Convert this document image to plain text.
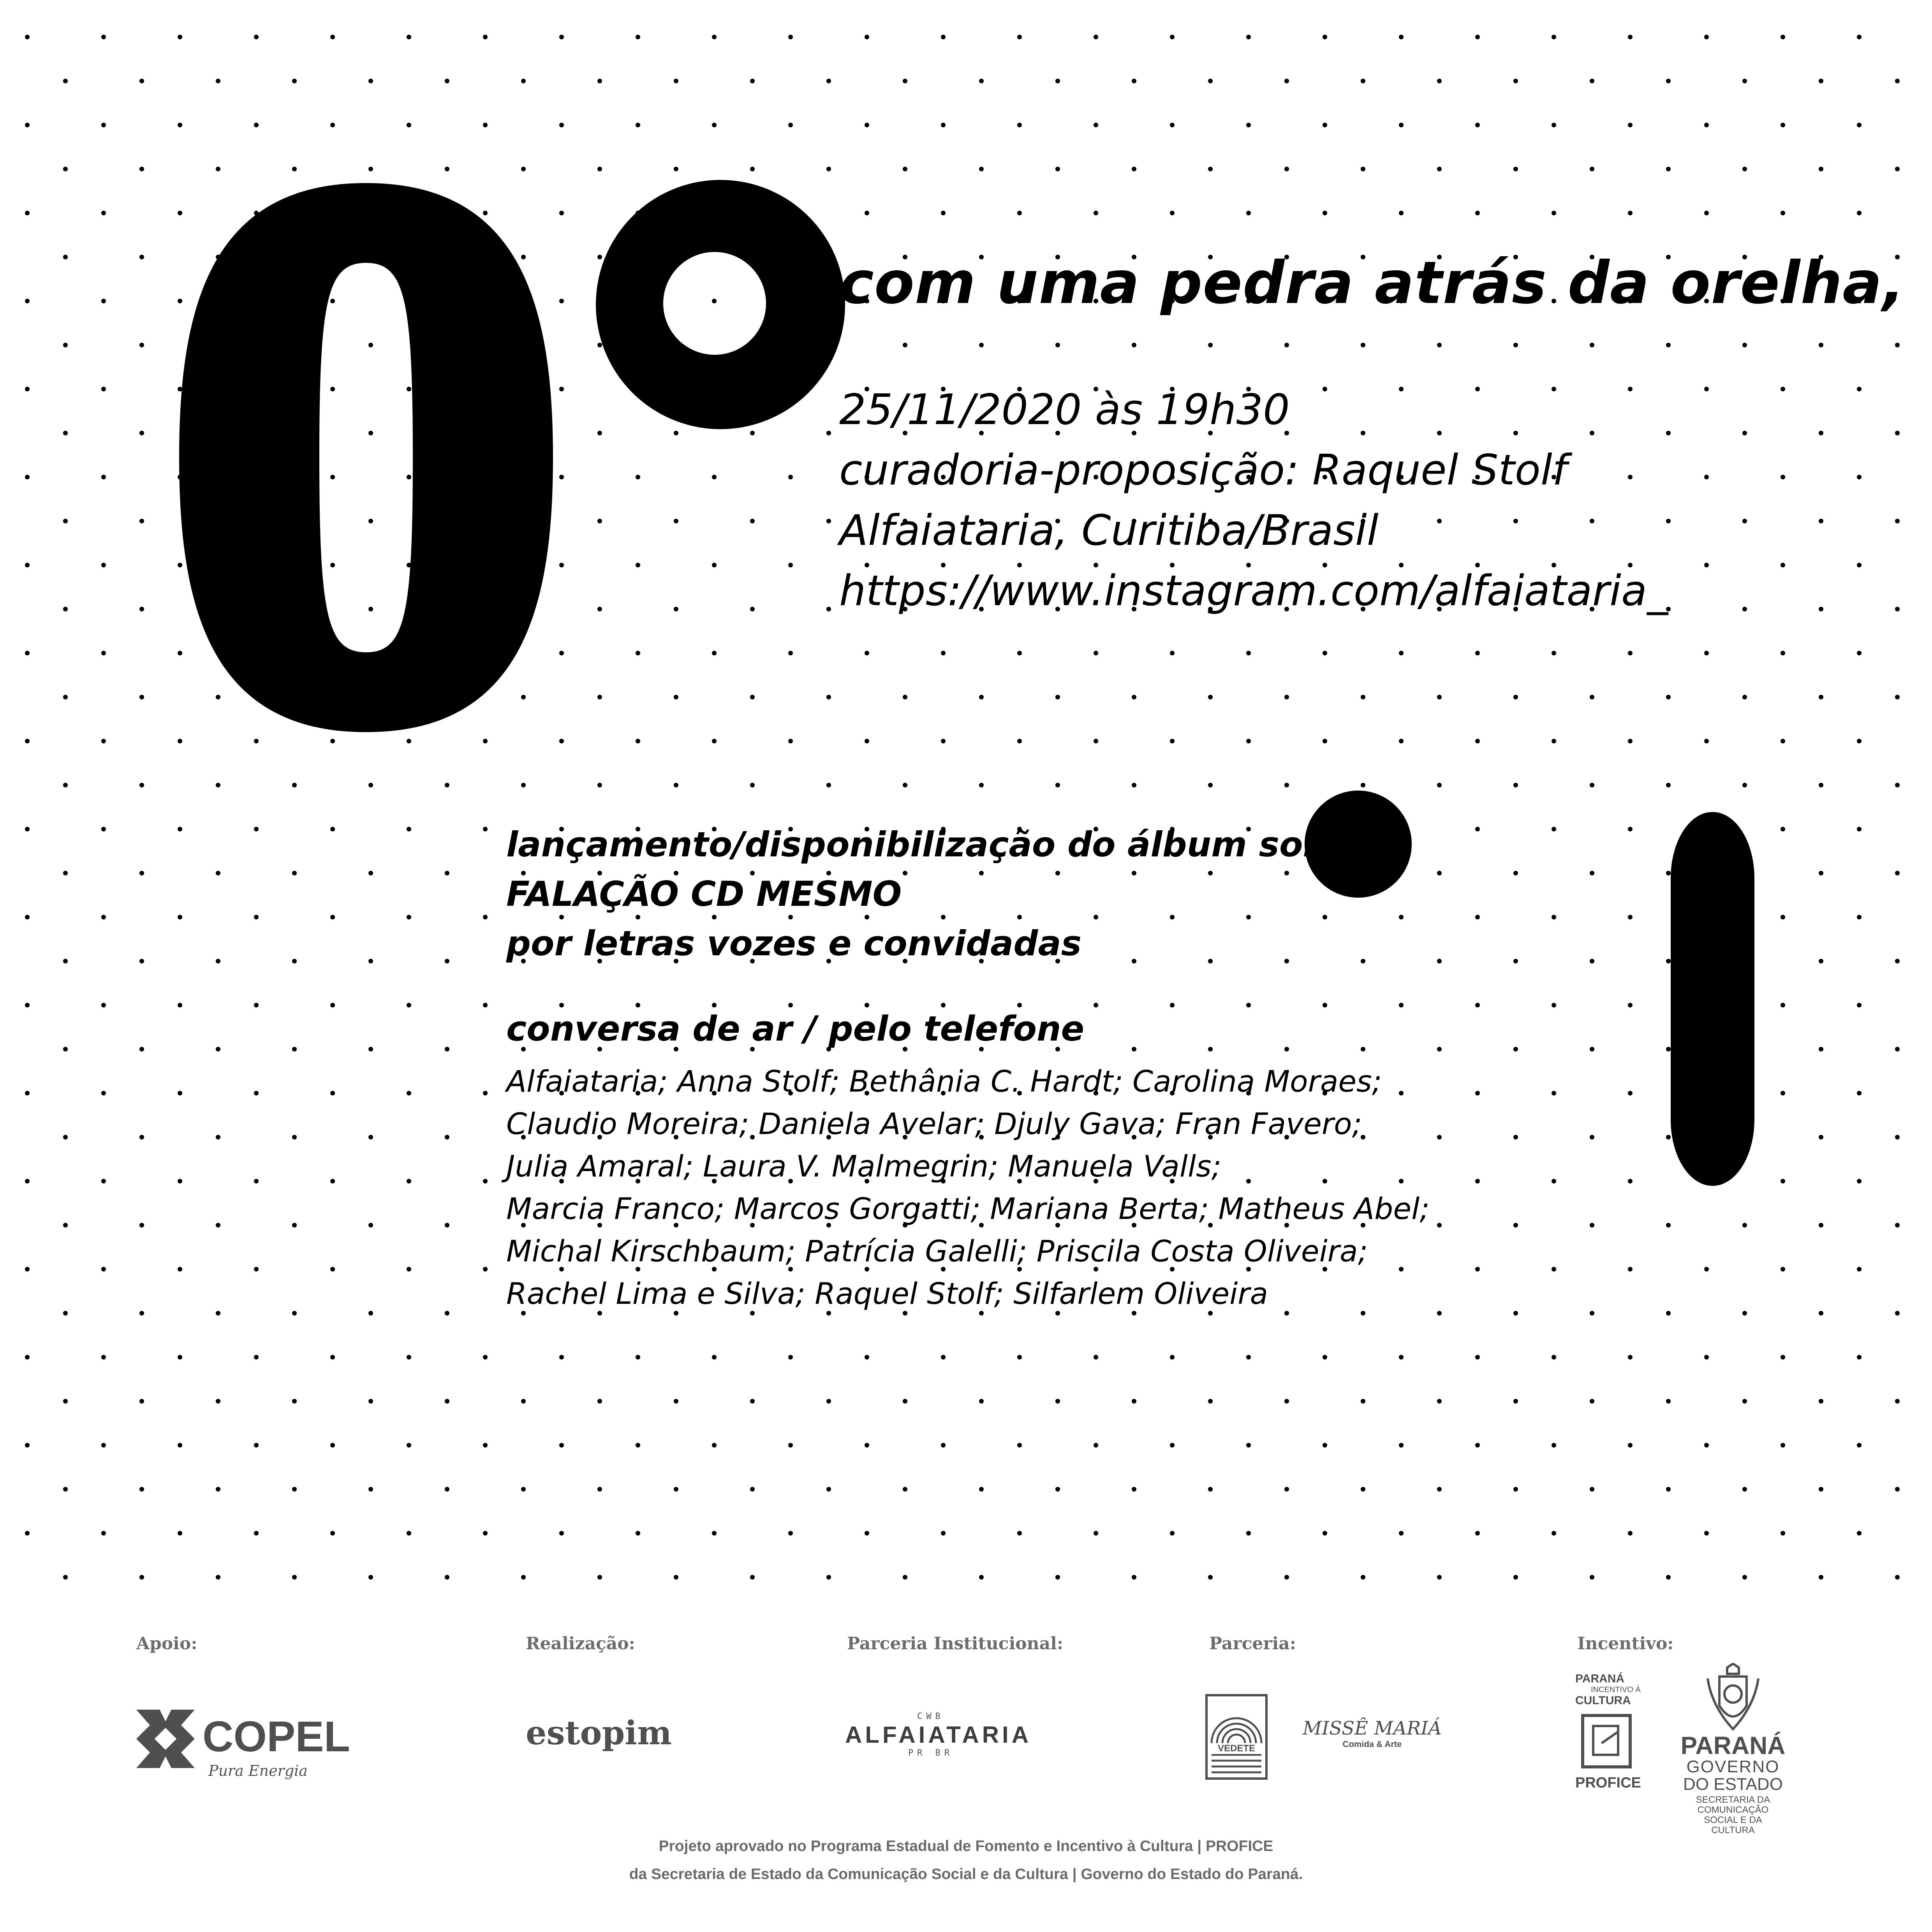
com uma pedra atrás da orelha,
25/11/2020 às 19h30
curadoria-proposição: Raquel Stolf
Alfaiataria, Curitiba/Brasil
https://www.instagram.com/alfaiataria_
lançamento/disponibilização do álbum sonoro
FALAÇÃO CD MESMO
por letras vozes e convidadas
conversa de ar / pelo telefone
Alfaiataria; Anna Stolf; Bethânia C. Hardt; Carolina Moraes;
Claudio Moreira; Daniela Avelar; Djuly Gava; Fran Favero;
Julia Amaral; Laura V. Malmegrin; Manuela Valls;
Marcia Franco; Marcos Gorgatti; Mariana Berta; Matheus Abel;
Michal Kirschbaum; Patrícia Galelli; Priscila Costa Oliveira;
Rachel Lima e Silva; Raquel Stolf; Silfarlem Oliveira
Apoio:	Realização:	Parceria Institucional:	Parceria:	Incentivo:
COPEL
Pura Energia
estopim	CWB
ALFAIATARIA
PR BR	VEDETE
MISSÊ MARIÁ
Comida & Arte
PARANÁ
INCENTIVO À
CULTURA
PROFICE
PARANÁ
GOVERNO
DO ESTADO
SECRETARIA DA
COMUNICAÇÃO
SOCIAL E DA
CULTURA
Projeto aprovado no Programa Estadual de Fomento e Incentivo à Cultura | PROFICE
da Secretaria de Estado da Comunicação Social e da Cultura | Governo do Estado do Paraná.
